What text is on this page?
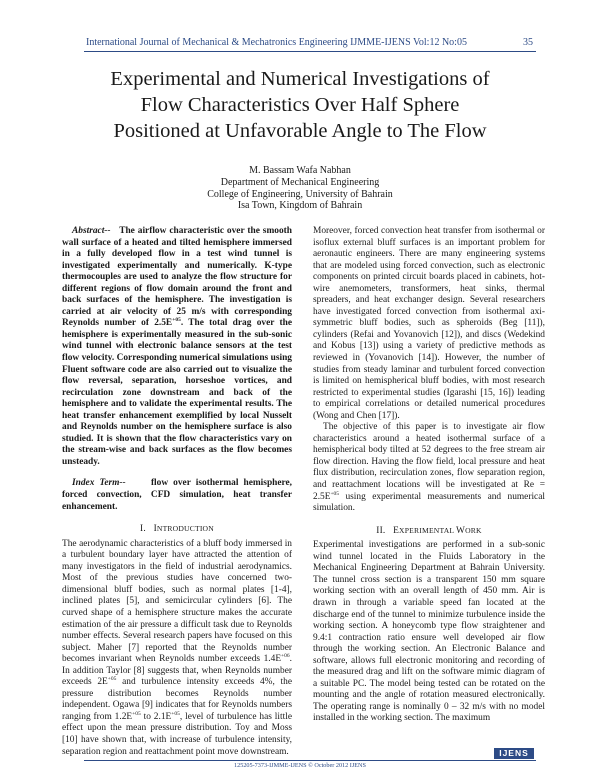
International Journal of Mechanical & Mechatronics Engineering IJMME-IJENS Vol:12 No:05	35
Experimental and Numerical Investigations of
Flow Characteristics Over Half Sphere
Positioned at Unfavorable Angle to The Flow
M. Bassam Wafa Nabhan
Department of Mechanical Engineering
College of Engineering, University of Bahrain
Isa Town, Kingdom of Bahrain

Abstract-- The airflow characteristic over the smooth wall surface of a heated and tilted hemisphere immersed in a fully developed flow in a test wind tunnel is investigated experimentally and numerically. K-type thermocouples are used to analyze the flow structure for different regions of flow domain around the front and back surfaces of the hemisphere. The investigation is carried at air velocity of 25 m/s with corresponding Reynolds number of $2.5E^{+05}$. The total drag over the hemisphere is experimentally measured in the sub-sonic wind tunnel with electronic balance sensors at the test flow velocity. Corresponding numerical simulations using Fluent software code are also carried out to visualize the flow reversal, separation, horseshoe vortices, and recirculation zone downstream and back of the hemisphere and to validate the experimental results. The heat transfer enhancement exemplified by local Nusselt and Reynolds number on the hemisphere surface is also studied. It is shown that the flow characteristics vary on the stream-wise and back surfaces as the flow becomes unsteady.

Index Term--	flow over isothermal hemisphere, forced convection, CFD simulation, heat transfer enhancement.

I. INTRODUCTION

The aerodynamic characteristics of a bluff body immersed in a turbulent boundary layer have attracted the attention of many investigators in the field of industrial aerodynamics. Most of the previous studies have concerned two-dimensional bluff bodies, such as normal plates [1-4], inclined plates [5], and semicircular cylinders [6]. The curved shape of a hemisphere structure makes the accurate estimation of the air pressure a difficult task due to Reynolds number effects. Several research papers have focused on this subject. Maher [7] reported that the Reynolds number becomes invariant when Reynolds number exceeds $1.4E^{+06}$. In addition Taylor [8] suggests that, when Reynolds number exceeds $2E^{+05}$ and turbulence intensity exceeds 4%, the pressure distribution becomes Reynolds number independent. Ogawa [9] indicates that for Reynolds numbers ranging from $1.2E^{+05}$ to $2.1E^{+05}$, level of turbulence has little effect upon the mean pressure distribution. Toy and Moss [10] have shown that, with increase of turbulence intensity, separation region and reattachment point move downstream.

Moreover, forced convection heat transfer from isothermal or isoflux external bluff surfaces is an important problem for aeronautic engineers. There are many engineering systems that are modeled using forced convection, such as electronic components on printed circuit boards placed in cabinets, hot-wire anemometers, transformers, heat sinks, thermal spreaders, and heat exchanger design. Several researchers have investigated forced convection from isothermal axi-symmetric bluff bodies, such as spheroids (Beg [11]), cylinders (Refai and Yovanovich [12]), and discs (Wedekind and Kobus [13]) using a variety of predictive methods as reviewed in (Yovanovich [14]). However, the number of studies from steady laminar and turbulent forced convection is limited on hemispherical bluff bodies, with most research restricted to experimental studies (Igarashi [15, 16]) leading to empirical correlations or detailed numerical procedures (Wong and Chen [17]).

The objective of this paper is to investigate air flow characteristics around a heated isothermal surface of a hemispherical body tilted at 52 degrees to the free stream air flow direction. Having the flow field, local pressure and heat flux distribution, recirculation zones, flow separation region, and reattachment locations will be investigated at $Re = 2.5E^{+05}$ using experimental measurements and numerical simulation.

II. EXPERIMENTAL WORK

Experimental investigations are performed in a sub-sonic wind tunnel located in the Fluids Laboratory in the Mechanical Engineering Department at Bahrain University. The tunnel cross section is a transparent 150 mm square working section with an overall length of 450 mm. Air is drawn in through a variable speed fan located at the discharge end of the tunnel to minimize turbulence inside the working section. A honeycomb type flow straightener and 9.4:1 contraction ratio ensure well developed air flow through the working section. An Electronic Balance and software, allows full electronic monitoring and recording of the measured drag and lift on the software mimic diagram of a suitable PC. The model being tested can be rotated on the mounting and the angle of rotation measured electronically. The operating range is nominally 0 – 32 m/s with no model installed in the working section. The maximum

IJENS
125205-7373-IJMME-IJENS © October 2012 IJENS
